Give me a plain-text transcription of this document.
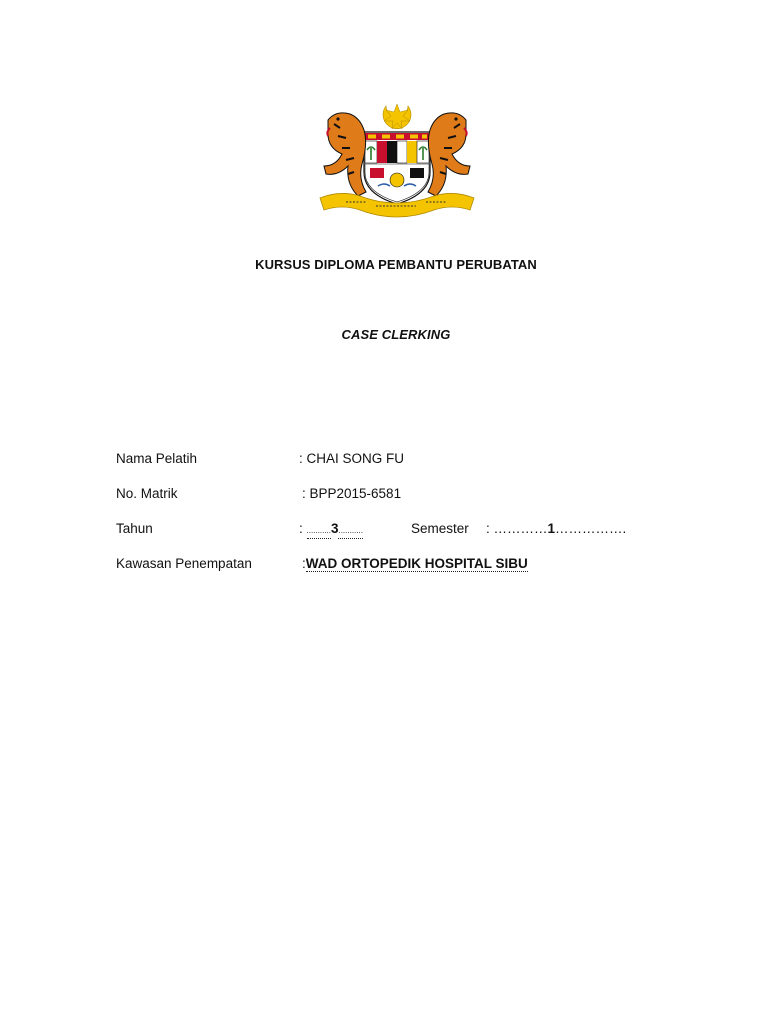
KURSUS DIPLOMA PEMBANTU PERUBATAN
CASE CLERKING
Nama Pelatih	: CHAI SONG FU
No. Matrik	: BPP2015-6581
Tahun	: ...........3...........	Semester : …………1…………….
Kawasan Penempatan	:WAD ORTOPEDIK HOSPITAL SIBU
